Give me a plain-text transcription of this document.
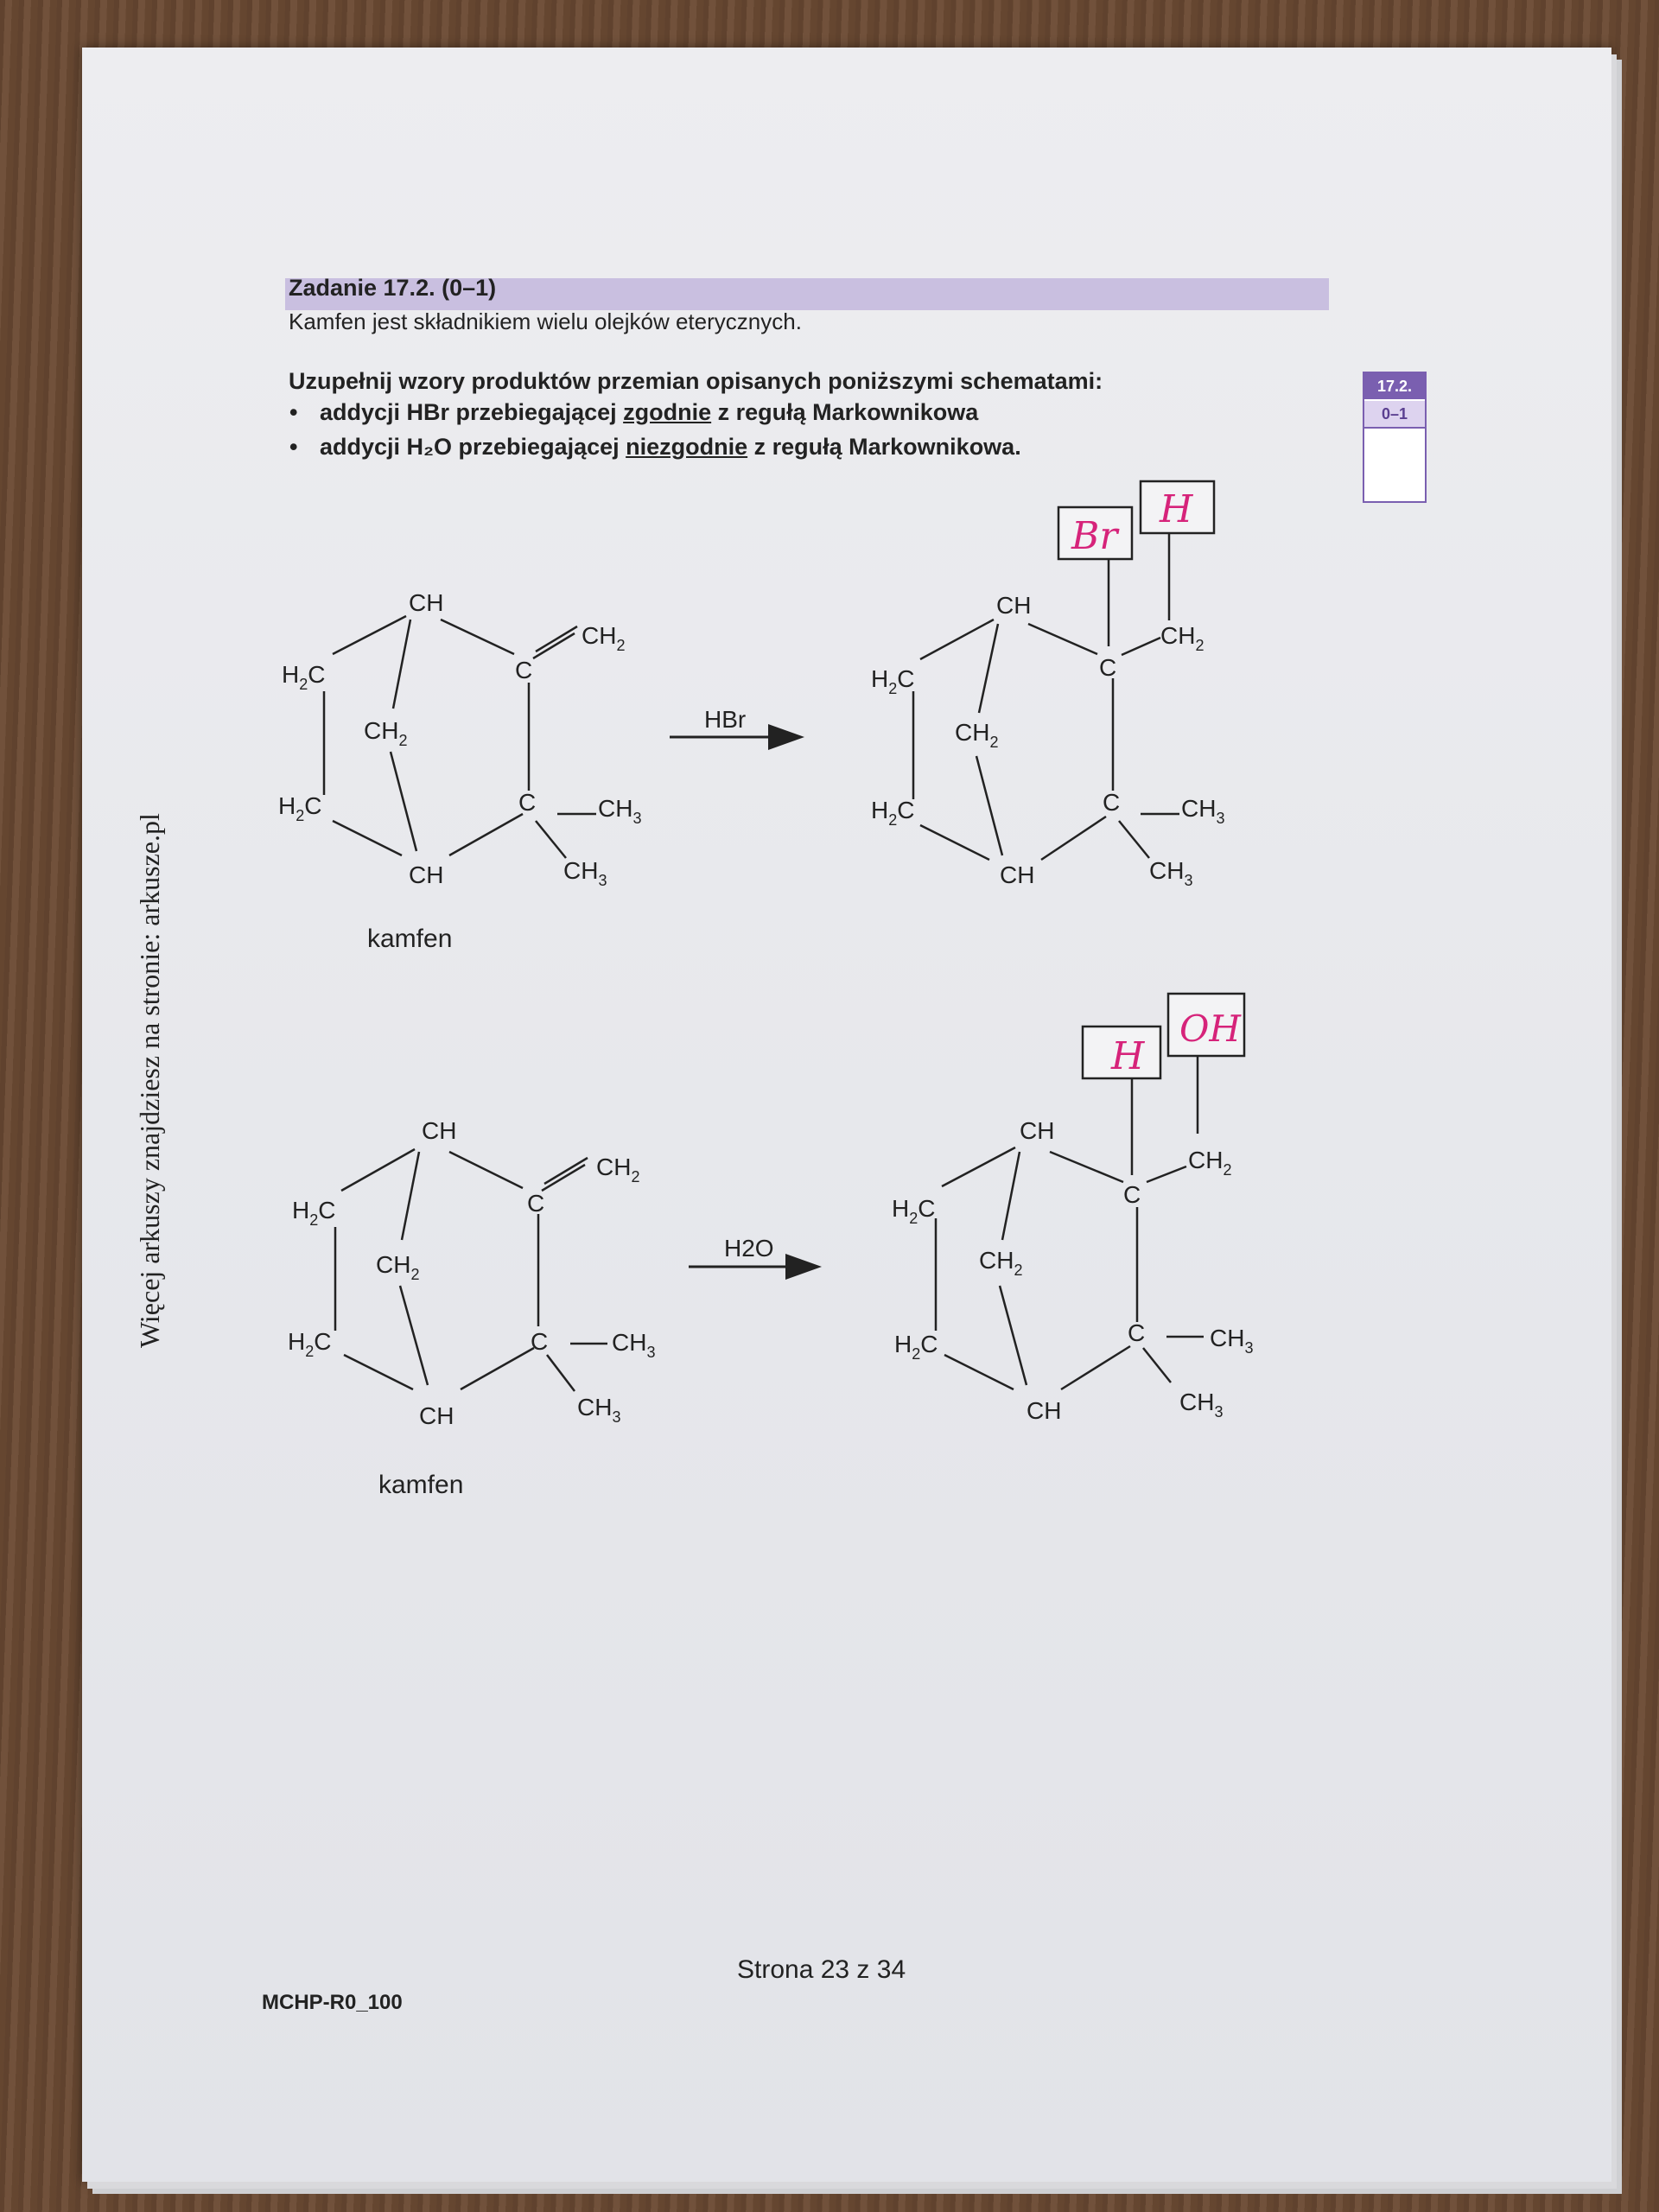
Zadanie 17.2. (0–1)
Kamfen jest składnikiem wielu olejków eterycznych.
Uzupełnij wzory produktów przemian opisanych poniższymi schematami:
• addycji HBr przebiegającej zgodnie z regułą Markownikowa
• addycji H₂O przebiegającej niezgodnie z regułą Markownikowa.
17.2.
0–1
Więcej arkuszy znajdziesz na stronie: arkusze.pl
CH
$H_2C$
$CH_2$
C
$CH_2$
$H_2C$	C	$CH_3$
CH	$CH_3$
kamfen
HBr
CH
$H_2C$
$CH_2$
C
$CH_2$
$H_2C$	C	$CH_3$
CH	$CH_3$
Br
H
CH
$H_2C$
$CH_2$
C
$CH_2$
$H_2C$	C	$CH_3$
CH	$CH_3$
kamfen
H2O
CH
$H_2C$
$CH_2$
C
$CH_2$
$H_2C$	C	$CH_3$
CH	$CH_3$
H
OH
Strona 23 z 34
MCHP-R0_100
